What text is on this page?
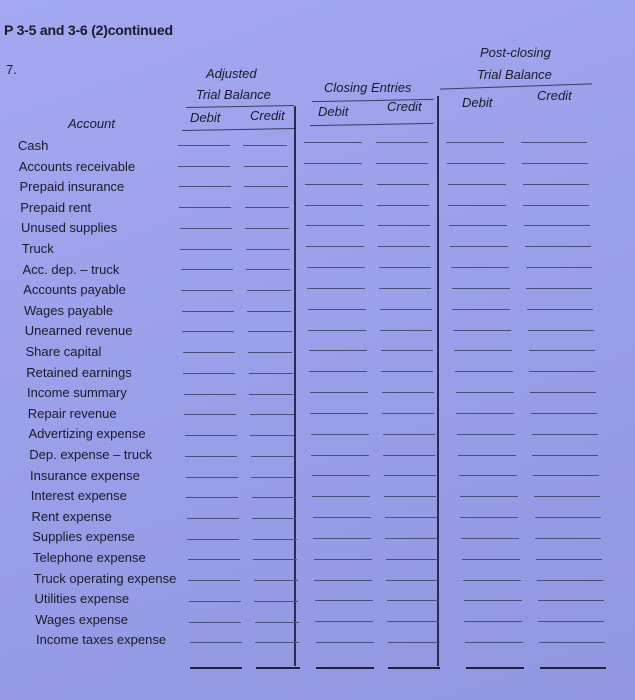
P 3-5 and 3-6 (2)continued
7.	Adjusted
Trial Balance
Debit Credit
Closing Entries
Debit	Credit
Post-closing
Trial Balance
Debit	Credit
Account
Cash
Accounts receivable
Prepaid insurance
Prepaid rent
Unused supplies
Truck
Acc. dep. – truck
Accounts payable
Wages payable
Unearned revenue
Share capital
Retained earnings
Income summary
Repair revenue
Advertizing expense
Dep. expense – truck
Insurance expense
Interest expense
Rent expense
Supplies expense
Telephone expense
Truck operating expense
Utilities expense
Wages expense
Income taxes expense
